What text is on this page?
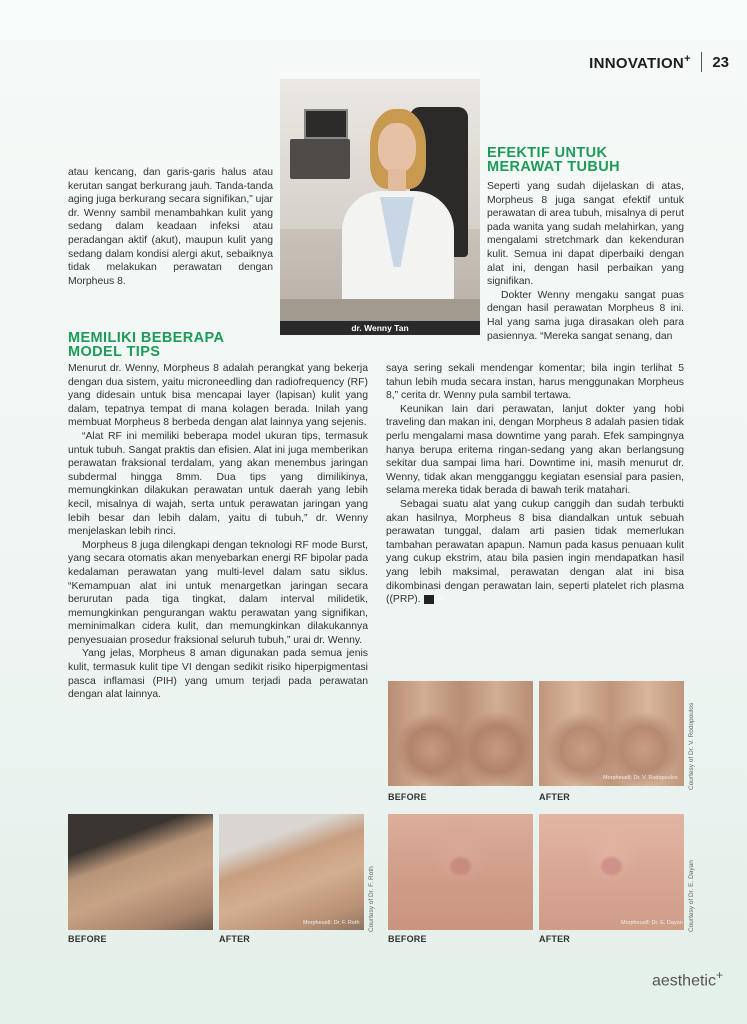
INNOVATION+ 23

atau kencang, dan garis-garis halus atau kerutan sangat berkurang jauh. Tanda-tanda aging juga berkurang secara signifikan,” ujar dr. Wenny sambil menambahkan kulit yang sedang dalam keadaan infeksi atau peradangan aktif (akut), maupun kulit yang sedang dalam kondisi alergi akut, sebaiknya tidak melakukan perawatan dengan Morpheus 8.

MEMILIKI BEBERAPA
MODEL TIPS

Menurut dr. Wenny, Morpheus 8 adalah perangkat yang bekerja dengan dua sistem, yaitu microneedling dan radiofrequency (RF) yang didesain untuk bisa mencapai layer (lapisan) kulit yang dalam, tepatnya tempat di mana kolagen berada. Inilah yang membuat Morpheus 8 berbeda dengan alat lainnya yang sejenis.

“Alat RF ini memiliki beberapa model ukuran tips, termasuk untuk tubuh. Sangat praktis dan efisien. Alat ini juga memberikan perawatan fraksional terdalam, yang akan menembus jaringan subdermal hingga 8mm. Dua tips yang dimilikinya, memungkinkan dilakukan perawatan untuk daerah yang lebih kecil, misalnya di wajah, serta untuk perawatan jaringan yang lebih besar dan lebih dalam, yaitu di tubuh,” dr. Wenny menjelaskan lebih rinci.

Morpheus 8 juga dilengkapi dengan teknologi RF mode Burst, yang secara otomatis akan menyebarkan energi RF bipolar pada kedalaman perawatan yang multi-level dalam satu siklus. “Kemampuan alat ini untuk menargetkan jaringan secara berurutan pada tiga tingkat, dalam interval milidetik, memungkinkan pengurangan waktu perawatan yang signifikan, meminimalkan cidera kulit, dan memungkinkan dilakukannya penyesuaian prosedur fraksional seluruh tubuh,” urai dr. Wenny.

Yang jelas, Morpheus 8 aman digunakan pada semua jenis kulit, termasuk kulit tipe VI dengan sedikit risiko hiperpigmentasi pasca inflamasi (PIH) yang umum terjadi pada perawatan dengan alat lainnya.

dr. Wenny Tan
EFEKTIF UNTUK
MERAWAT TUBUH

Seperti yang sudah dijelaskan di atas, Morpheus 8 juga sangat efektif untuk perawatan di area tubuh, misalnya di perut pada wanita yang sudah melahirkan, yang mengalami stretchmark dan kekenduran kulit. Semua ini dapat diperbaiki dengan alat ini, dengan hasil perbaikan yang signifikan.

Dokter Wenny mengaku sangat puas dengan hasil perawatan Morpheus 8 ini. Hal yang sama juga dirasakan oleh para pasiennya. “Mereka sangat senang, dan

saya sering sekali mendengar komentar; bila ingin terlihat 5 tahun lebih muda secara instan, harus menggunakan Morpheus 8,” cerita dr. Wenny pula sambil tertawa.

Keunikan lain dari perawatan, lanjut dokter yang hobi traveling dan makan ini, dengan Morpheus 8 adalah pasien tidak perlu mengalami masa downtime yang parah. Efek sampingnya hanya berupa eritema ringan-sedang yang akan berlangsung sekitar dua sampai lima hari. Downtime ini, masih menurut dr. Wenny, tidak akan mengganggu kegiatan esensial para pasien, selama mereka tidak berada di bawah terik matahari.

Sebagai suatu alat yang cukup canggih dan sudah terbukti akan hasilnya, Morpheus 8 bisa diandalkan untuk sebuah perawatan tunggal, dalam arti pasien tidak memerlukan tambahan perawatan apapun. Namun pada kasus penuaan kulit yang cukup ekstrim, atau bila pasien ingin mendapatkan hasil yang lebih maksimal, perawatan dengan alat ini bisa dikombinasi dengan perawatan lain, seperti platelet rich plasma ((PRP). a+

Morpheus8: Dr. V. Rodopoulos
BEFORE	AFTER
Courtesy of Dr. V. Rodopoulos
Morpheus8: Dr. F. Roth
BEFORE	AFTER
Courtesy of Dr. F. Roth	Morpheus8: Dr. E. Dayan
BEFORE	AFTER
Courtesy of Dr. E. Dayan
aesthetic+
